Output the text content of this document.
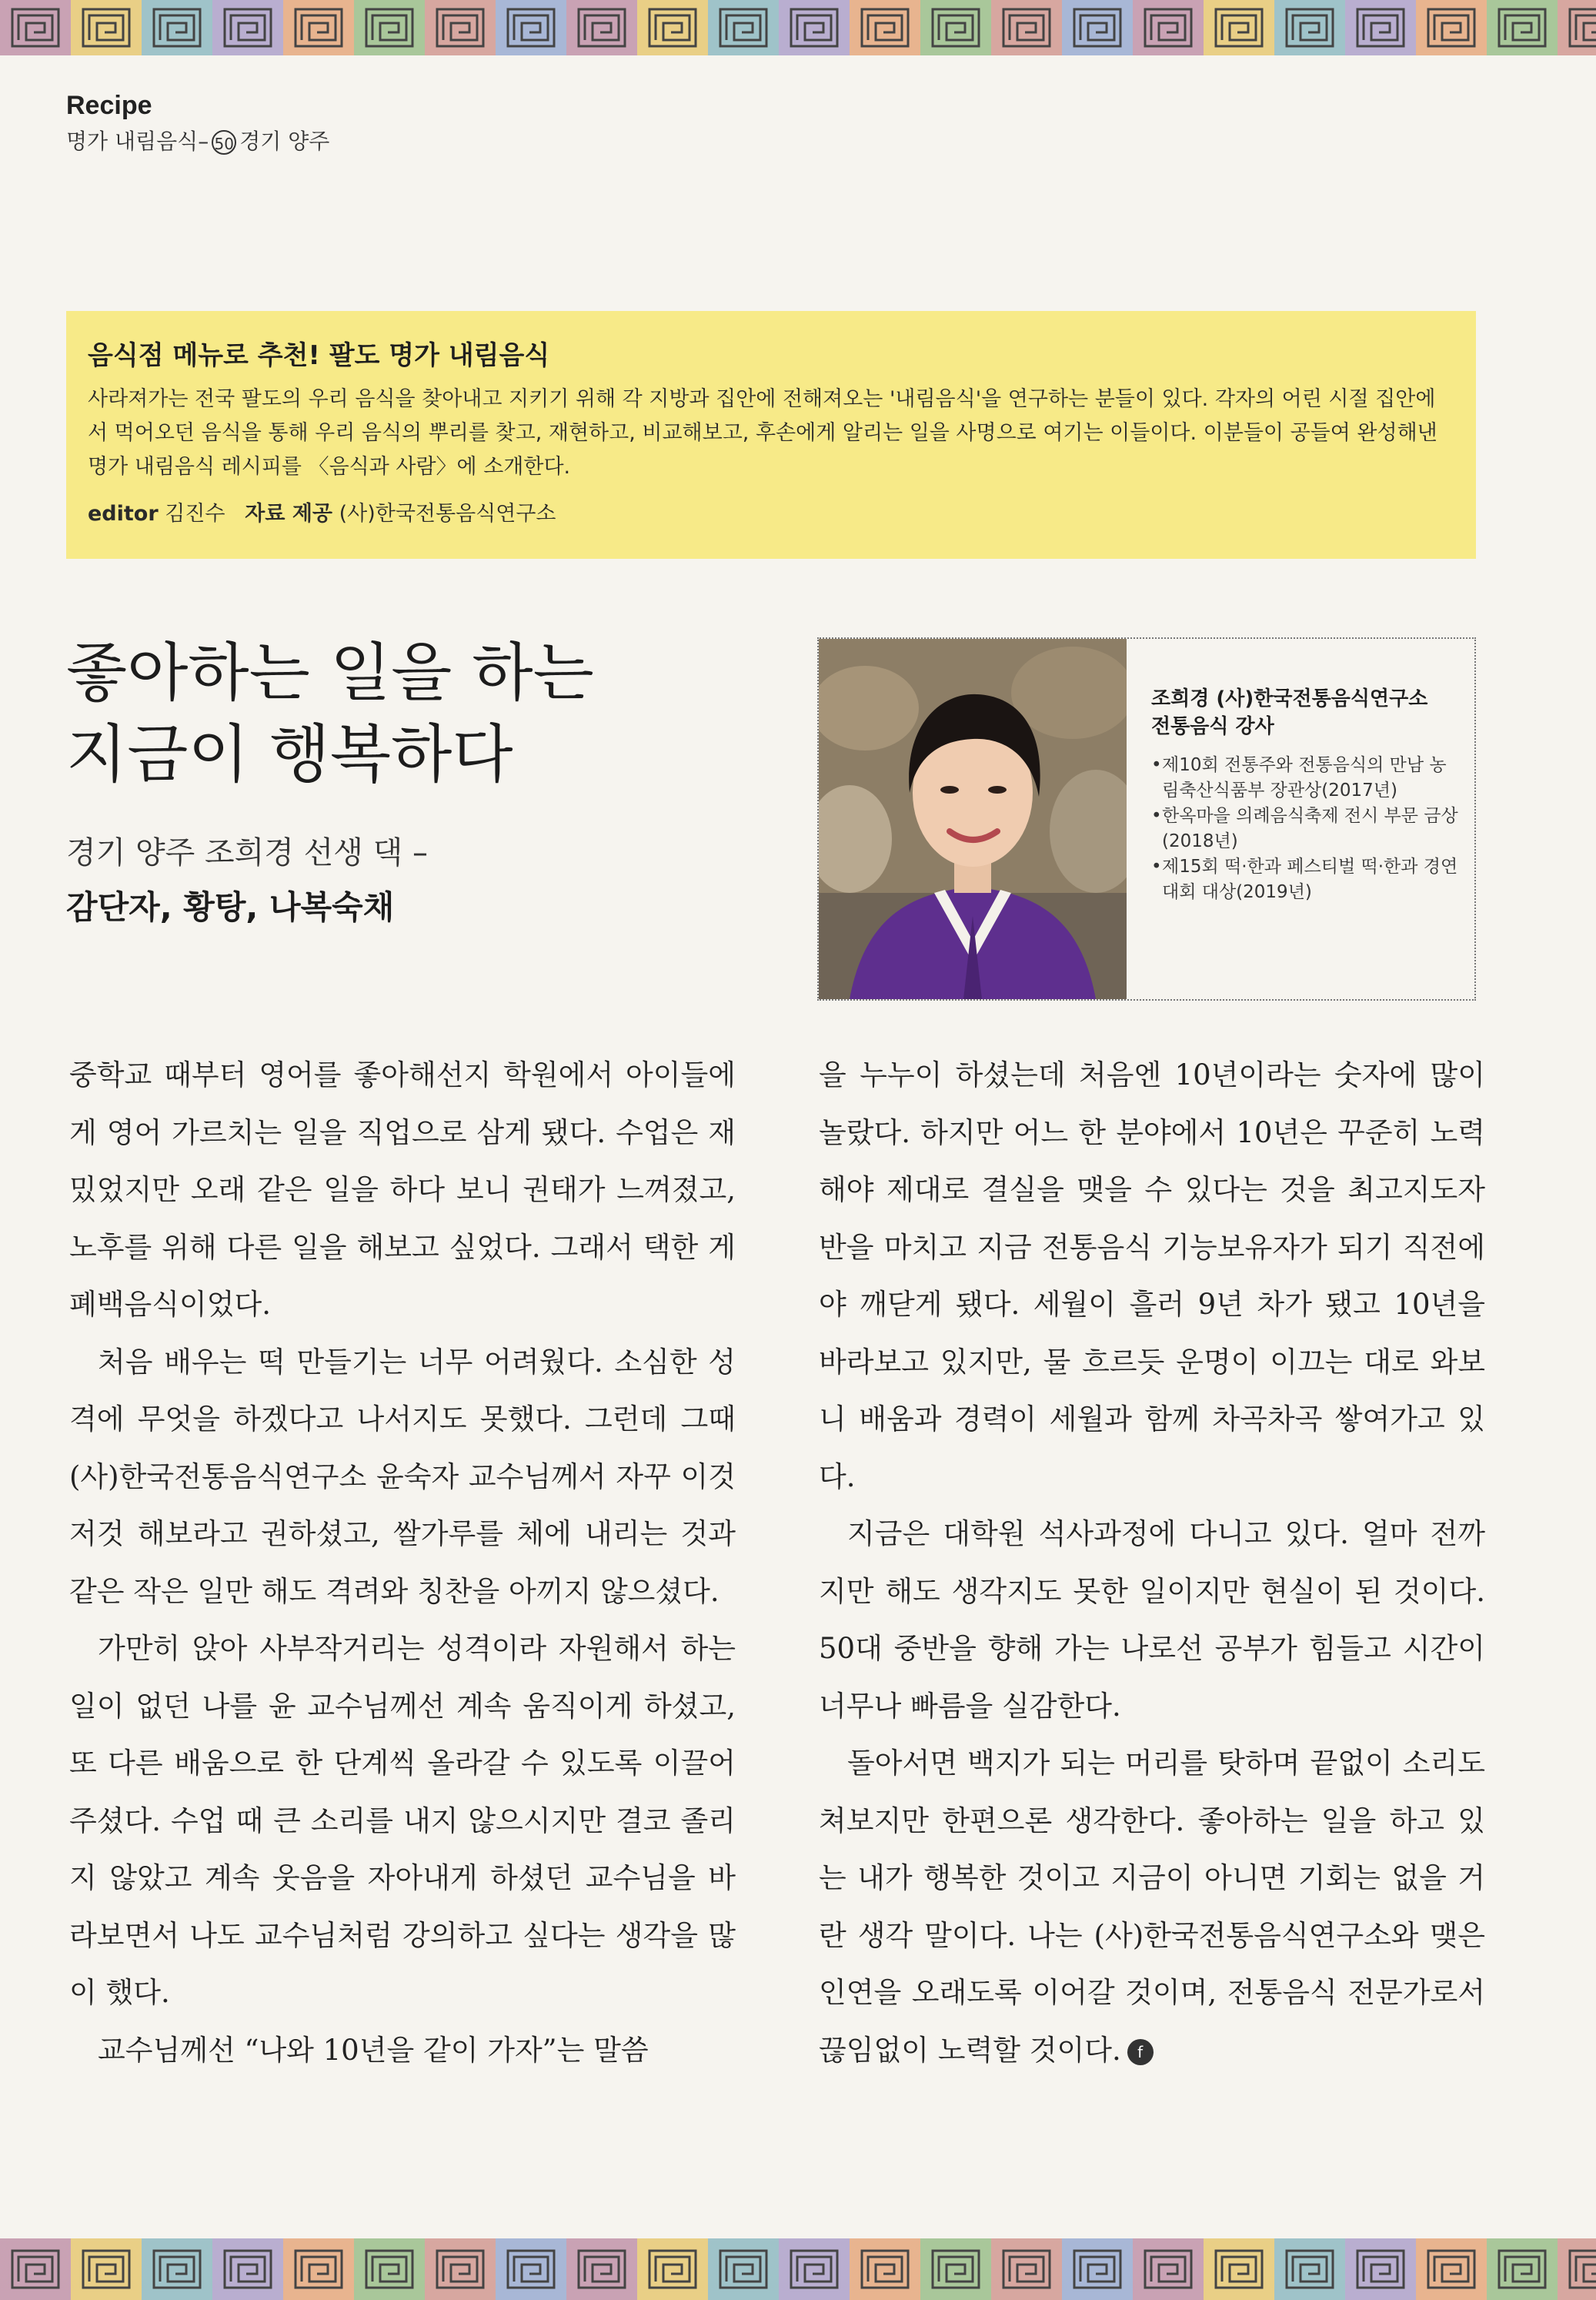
Recipe
명가 내림음식– 50 경기 양주
음식점 메뉴로 추천! 팔도 명가 내림음식
사라져가는 전국 팔도의 우리 음식을 찾아내고 지키기 위해 각 지방과 집안에 전해져오는 '내림음식'을 연구하는 분들이 있다. 각자의 어린 시절 집안에서 먹어오던 음식을 통해 우리 음식의 뿌리를 찾고, 재현하고, 비교해보고, 후손에게 알리는 일을 사명으로 여기는 이들이다. 이분들이 공들여 완성해낸 명가 내림음식 레시피를 〈음식과 사람〉에 소개한다.
editor 김진수 자료 제공 (사)한국전통음식연구소
좋아하는 일을 하는
지금이 행복하다
경기 양주 조희경 선생 댁 –
감단자, 황탕, 나복숙채
조희경 (사)한국전통음식연구소
전통음식 강사
• 제10회 전통주와 전통음식의 만남 농림축산식품부 장관상(2017년)
• 한옥마을 의례음식축제 전시 부문 금상(2018년)
• 제15회 떡·한과 페스티벌 떡·한과 경연대회 대상(2019년)

중학교 때부터 영어를 좋아해선지 학원에서 아이들에게 영어 가르치는 일을 직업으로 삼게 됐다. 수업은 재밌었지만 오래 같은 일을 하다 보니 권태가 느껴졌고, 노후를 위해 다른 일을 해보고 싶었다. 그래서 택한 게 폐백음식이었다.

처음 배우는 떡 만들기는 너무 어려웠다. 소심한 성격에 무엇을 하겠다고 나서지도 못했다. 그런데 그때 (사)한국전통음식연구소 윤숙자 교수님께서 자꾸 이것저것 해보라고 권하셨고, 쌀가루를 체에 내리는 것과 같은 작은 일만 해도 격려와 칭찬을 아끼지 않으셨다.

가만히 앉아 사부작거리는 성격이라 자원해서 하는 일이 없던 나를 윤 교수님께선 계속 움직이게 하셨고, 또 다른 배움으로 한 단계씩 올라갈 수 있도록 이끌어주셨다. 수업 때 큰 소리를 내지 않으시지만 결코 졸리지 않았고 계속 웃음을 자아내게 하셨던 교수님을 바라보면서 나도 교수님처럼 강의하고 싶다는 생각을 많이 했다.

교수님께선 “나와 10년을 같이 가자”는 말씀

을 누누이 하셨는데 처음엔 10년이라는 숫자에 많이 놀랐다. 하지만 어느 한 분야에서 10년은 꾸준히 노력해야 제대로 결실을 맺을 수 있다는 것을 최고지도자반을 마치고 지금 전통음식 기능보유자가 되기 직전에야 깨닫게 됐다. 세월이 흘러 9년 차가 됐고 10년을 바라보고 있지만, 물 흐르듯 운명이 이끄는 대로 와보니 배움과 경력이 세월과 함께 차곡차곡 쌓여가고 있다.

지금은 대학원 석사과정에 다니고 있다. 얼마 전까지만 해도 생각지도 못한 일이지만 현실이 된 것이다. 50대 중반을 향해 가는 나로선 공부가 힘들고 시간이 너무나 빠름을 실감한다.

돌아서면 백지가 되는 머리를 탓하며 끝없이 소리도 쳐보지만 한편으론 생각한다. 좋아하는 일을 하고 있는 내가 행복한 것이고 지금이 아니면 기회는 없을 거란 생각 말이다. 나는 (사)한국전통음식연구소와 맺은 인연을 오래도록 이어갈 것이며, 전통음식 전문가로서 끊임없이 노력할 것이다. f
